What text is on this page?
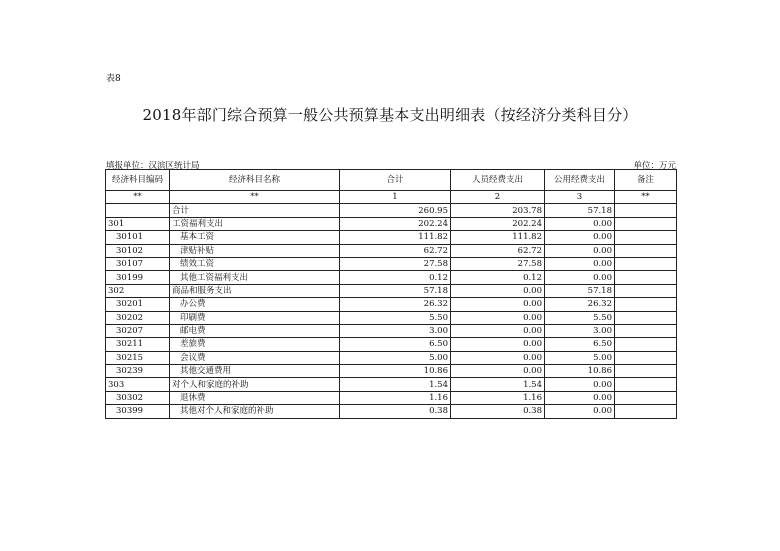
表8
2018年部门综合预算一般公共预算基本支出明细表（按经济分类科目分）
填报单位：汉滨区统计局	单位：万元
经济科目编码	经济科目名称	合计	人员经费支出	公用经费支出	备注
**	**	1	2	3	**
	合计	260.95	203.78	57.18	
301	工资福利支出	202.24	202.24	0.00	
30101	基本工资	111.82	111.82	0.00	
30102	津贴补贴	62.72	62.72	0.00	
30107	绩效工资	27.58	27.58	0.00	
30199	其他工资福利支出	0.12	0.12	0.00	
302	商品和服务支出	57.18	0.00	57.18	
30201	办公费	26.32	0.00	26.32	
30202	印刷费	5.50	0.00	5.50	
30207	邮电费	3.00	0.00	3.00	
30211	差旅费	6.50	0.00	6.50	
30215	会议费	5.00	0.00	5.00	
30239	其他交通费用	10.86	0.00	10.86	
303	对个人和家庭的补助	1.54	1.54	0.00	
30302	退休费	1.16	1.16	0.00	
30399	其他对个人和家庭的补助	0.38	0.38	0.00	
